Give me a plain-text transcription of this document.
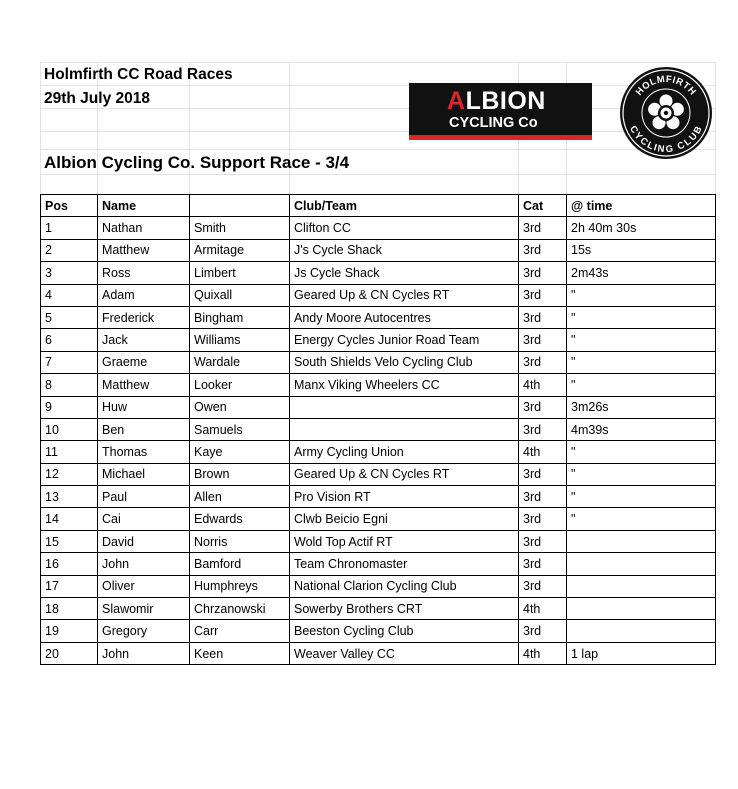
Holmfirth CC Road Races
29th July 2018
Albion Cycling Co. Support Race - 3/4
ALBION
CYCLING Co
HOLMFIRTH
CYCLING CLUB
Pos	Name		Club/Team	Cat	@ time
1	Nathan	Smith	Clifton CC	3rd	2h 40m 30s
2	Matthew	Armitage	J's Cycle Shack	3rd	15s
3	Ross	Limbert	Js Cycle Shack	3rd	2m43s
4	Adam	Quixall	Geared Up & CN Cycles RT	3rd	"
5	Frederick	Bingham	Andy Moore Autocentres	3rd	"
6	Jack	Williams	Energy Cycles Junior Road Team	3rd	"
7	Graeme	Wardale	South Shields Velo Cycling Club	3rd	"
8	Matthew	Looker	Manx Viking Wheelers CC	4th	"
9	Huw	Owen		3rd	3m26s
10	Ben	Samuels		3rd	4m39s
11	Thomas	Kaye	Army Cycling Union	4th	"
12	Michael	Brown	Geared Up & CN Cycles RT	3rd	"
13	Paul	Allen	Pro Vision RT	3rd	"
14	Cai	Edwards	Clwb Beicio Egni	3rd	"
15	David	Norris	Wold Top Actif RT	3rd	
16	John	Bamford	Team Chronomaster	3rd	
17	Oliver	Humphreys	National Clarion Cycling Club	3rd	
18	Slawomir	Chrzanowski	Sowerby Brothers CRT	4th	
19	Gregory	Carr	Beeston Cycling Club	3rd	
20	John	Keen	Weaver Valley CC	4th	1 lap
